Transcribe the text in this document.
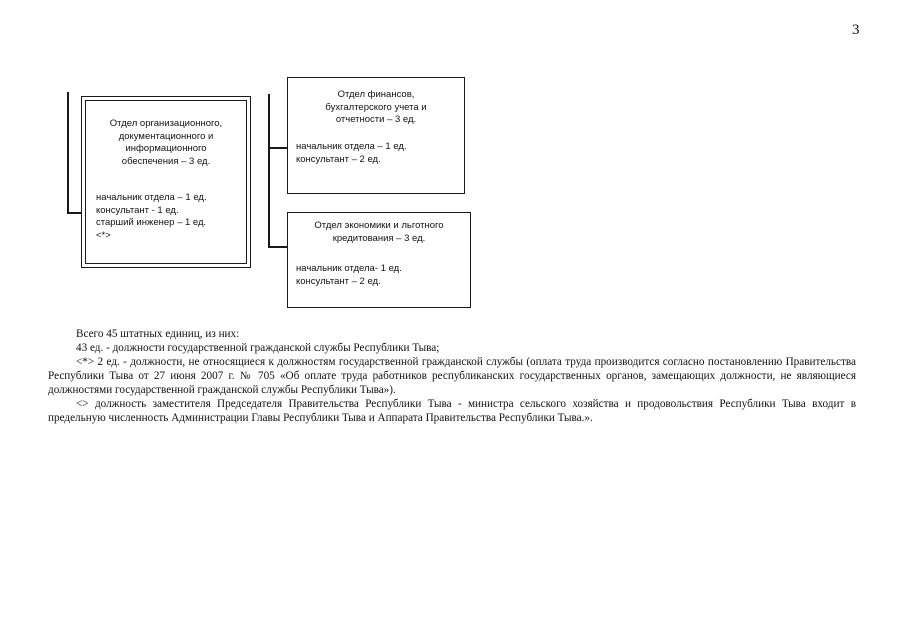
3
Отдел организационного,
документационного и
информационного
обеспечения – 3 ед.
начальник отдела – 1 ед.
консультант - 1 ед.
старший инженер – 1 ед.
<*>
Отдел финансов,
бухгалтерского учета и
отчетности – 3 ед.
начальник отдела – 1 ед.
консультант – 2 ед.
Отдел экономики и льготного
кредитования – 3 ед.
начальник отдела- 1 ед.
консультант – 2 ед.

Всего 45 штатных единиц, из них:

43 ед. - должности государственной гражданской службы Республики Тыва;

<*> 2 ед. - должности, не относящиеся к должностям государственной гражданской службы (оплата труда производится согласно постановлению Правительства Республики Тыва от 27 июня 2007 г. № 705 «Об оплате труда работников республиканских государственных органов, замещающих должности, не являющиеся должностями государственной гражданской службы Республики Тыва»).

<> должность заместителя Председателя Правительства Республики Тыва - министра сельского хозяйства и продовольствия Республики Тыва входит в предельную численность Администрации Главы Республики Тыва и Аппарата Правительства Республики Тыва.».
